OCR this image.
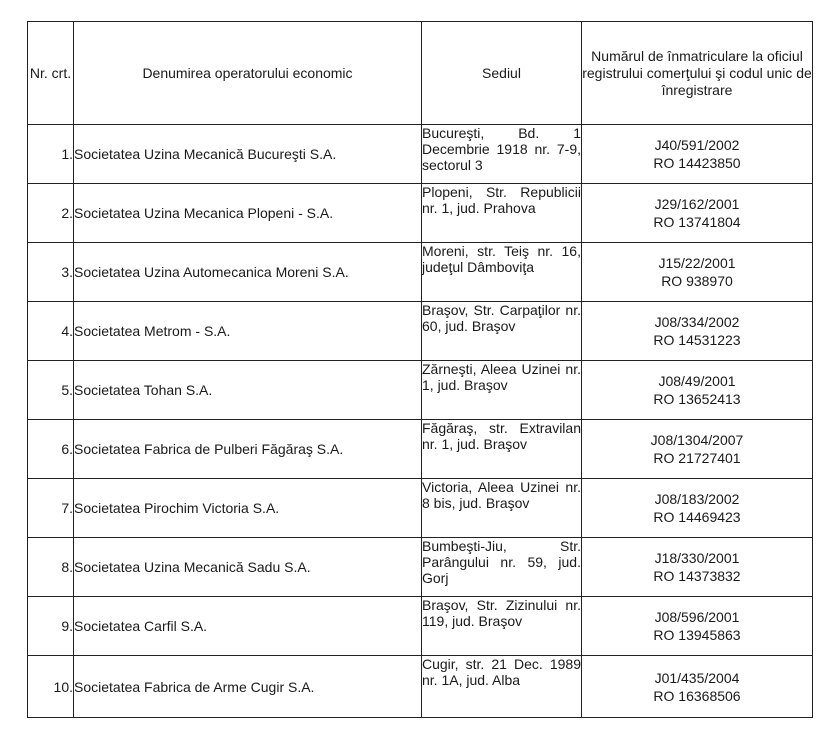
Nr. crt.	Denumirea operatorului economic	Sediul	Numărul de înmatriculare la oficiul registrului comerţului şi codul unic de înregistrare
1.	Societatea Uzina Mecanică Bucureşti S.A.	Bucureşti, Bd. 1 Decembrie 1918 nr. 7-9, sectorul 3	J40/591/2002
RO 14423850

2.	Societatea Uzina Mecanica Plopeni - S.A.	Plopeni, Str. Republicii nr. 1, jud. Prahova	J29/162/2001
RO 13741804

3.	Societatea Uzina Automecanica Moreni S.A.	Moreni, str. Teiş nr. 16, judeţul Dâmboviţa	J15/22/2001
RO 938970

4.	Societatea Metrom - S.A.	Braşov, Str. Carpaţilor nr. 60, jud. Braşov	J08/334/2002
RO 14531223

5.	Societatea Tohan S.A.	Zărneşti, Aleea Uzinei nr. 1, jud. Braşov	J08/49/2001
RO 13652413

6.	Societatea Fabrica de Pulberi Făgăraş S.A.	Făgăraş, str. Extravilan nr. 1, jud. Braşov	J08/1304/2007
RO 21727401

7.	Societatea Pirochim Victoria S.A.	Victoria, Aleea Uzinei nr. 8 bis, jud. Braşov	J08/183/2002
RO 14469423

8.	Societatea Uzina Mecanică Sadu S.A.	Bumbeşti-Jiu, Str. Parângului nr. 59, jud. Gorj	J18/330/2001
RO 14373832

9.	Societatea Carfil S.A.	Braşov, Str. Zizinului nr. 119, jud. Braşov	J08/596/2001
RO 13945863

10.	Societatea Fabrica de Arme Cugir S.A.	Cugir, str. 21 Dec. 1989 nr. 1A, jud. Alba	J01/435/2004
RO 16368506
